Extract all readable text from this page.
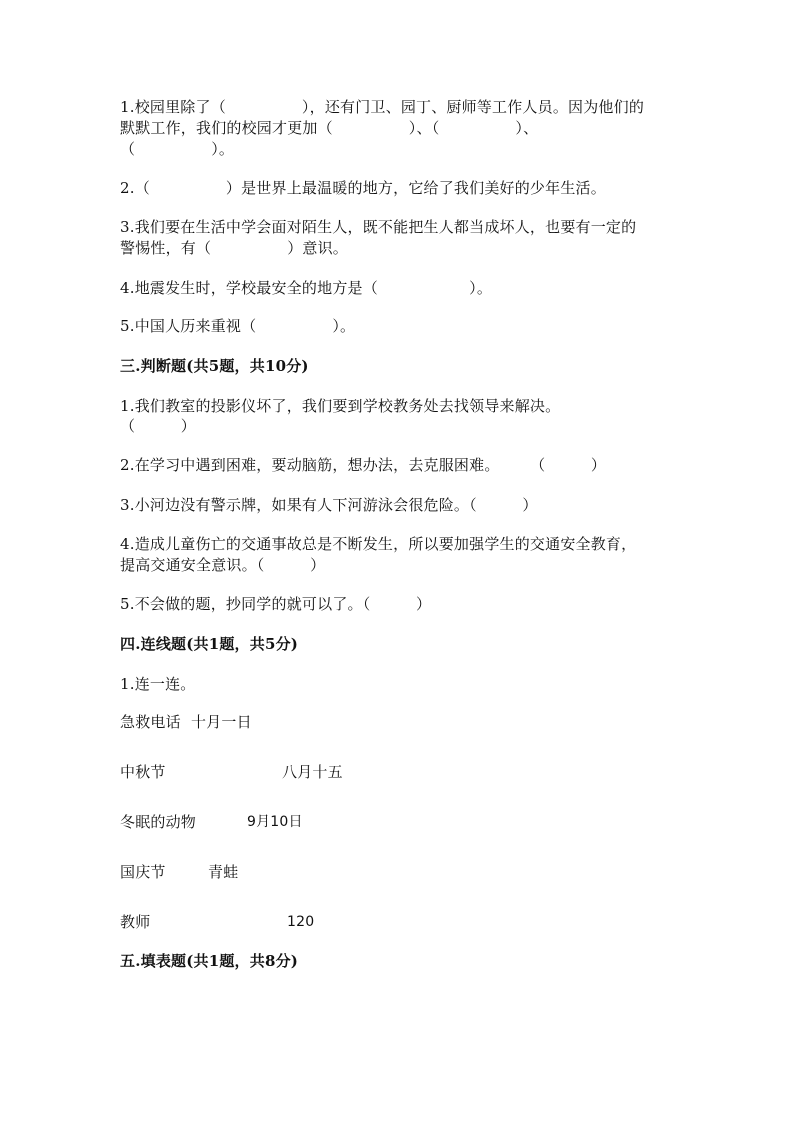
1.校园里除了（　　　　　），还有门卫、园丁、厨师等工作人员。因为他们的
默默工作，我们的校园才更加（　　　　　）、（　　　　　）、
（　　　　　）。
2.（　　　　　）是世界上最温暖的地方，它给了我们美好的少年生活。
3.我们要在生活中学会面对陌生人，既不能把生人都当成坏人，也要有一定的
警惕性，有（　　　　　）意识。
4.地震发生时，学校最安全的地方是（　　　　　　）。
5.中国人历来重视（　　　　　）。
三.判断题(共5题，共10分)
1.我们教室的投影仪坏了，我们要到学校教务处去找领导来解决。
（　　　）
2.在学习中遇到困难，要动脑筋，想办法，去克服困难。　　　（　　　）
3.小河边没有警示牌，如果有人下河游泳会很危险。（　　　）
4.造成儿童伤亡的交通事故总是不断发生，所以要加强学生的交通安全教育，
提高交通安全意识。（　　　）
5.不会做的题，抄同学的就可以了。（　　　）
四.连线题(共1题，共5分)
1.连一连。
急救电话 十月一日
中秋节	八月十五
冬眠的动物	9月10日
国庆节	青蛙
教师	120
五.填表题(共1题，共8分)
